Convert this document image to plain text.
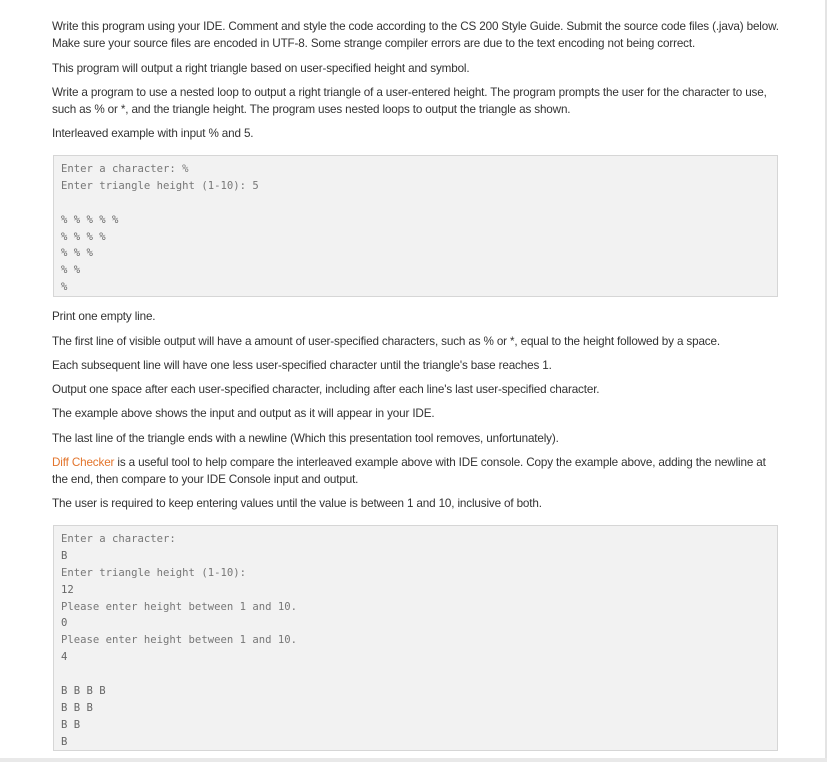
Write this program using your IDE. Comment and style the code according to the CS 200 Style Guide. Submit the source code files (.java) below. Make sure your source files are encoded in UTF-8. Some strange compiler errors are due to the text encoding not being correct.

This program will output a right triangle based on user-specified height and symbol.

Write a program to use a nested loop to output a right triangle of a user-entered height. The program prompts the user for the character to use, such as % or *, and the triangle height. The program uses nested loops to output the triangle as shown.

Interleaved example with input % and 5.

Enter a character: %
Enter triangle height (1-10): 5
% % % % %
% % % %
% % %
% %
%

Print one empty line.

The first line of visible output will have a amount of user-specified characters, such as % or *, equal to the height followed by a space.

Each subsequent line will have one less user-specified character until the triangle's base reaches 1.

Output one space after each user-specified character, including after each line's last user-specified character.

The example above shows the input and output as it will appear in your IDE.

The last line of the triangle ends with a newline (Which this presentation tool removes, unfortunately).

Diff Checker is a useful tool to help compare the interleaved example above with IDE console. Copy the example above, adding the newline at the end, then compare to your IDE Console input and output.

The user is required to keep entering values until the value is between 1 and 10, inclusive of both.

Enter a character:
B
Enter triangle height (1-10):
12
Please enter height between 1 and 10.
0
Please enter height between 1 and 10.
4
B B B B
B B B
B B
B
